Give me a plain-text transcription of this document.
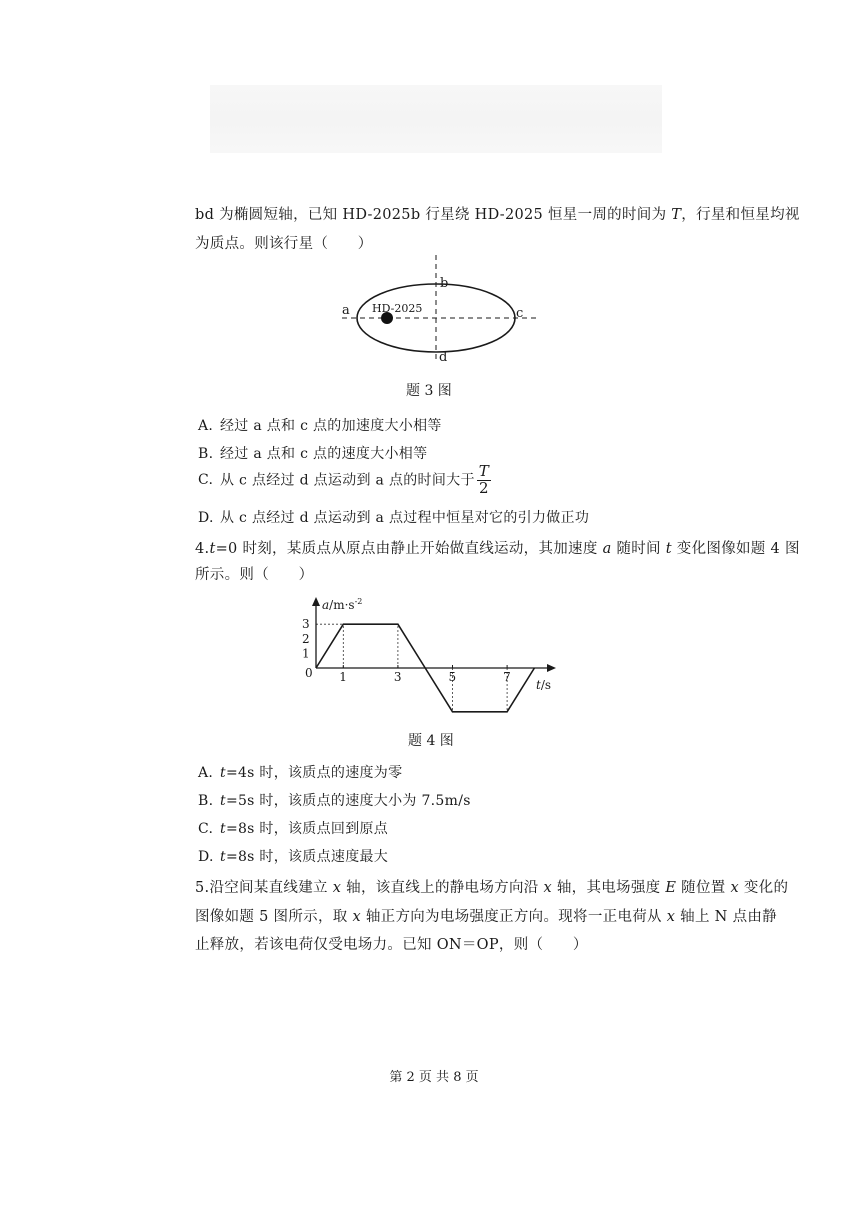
bd 为椭圆短轴，已知 HD-2025b 行星绕 HD-2025 恒星一周的时间为 T，行星和恒星均视
为质点。则该行星（　　）
HD-2025
a
b
c
d
题 3 图
A. 经过 a 点和 c 点的加速度大小相等
B. 经过 a 点和 c 点的速度大小相等
C. 从 c 点经过 d 点运动到 a 点的时间大于 $\frac{T}{2}$
D. 从 c 点经过 d 点运动到 a 点过程中恒星对它的引力做正功
4.t=0 时刻，某质点从原点由静止开始做直线运动，其加速度 a 随时间 t 变化图像如题 4 图
所示。则（　　）
$a/m\cdot s^{-2}$
t/s
0
3
2
1
1	3	5	7
题 4 图
A. t=4s 时，该质点的速度为零
B. t=5s 时，该质点的速度大小为 7.5m/s
C. t=8s 时，该质点回到原点
D. t=8s 时，该质点速度最大
5.沿空间某直线建立 x 轴，该直线上的静电场方向沿 x 轴，其电场强度 E 随位置 x 变化的
图像如题 5 图所示，取 x 轴正方向为电场强度正方向。现将一正电荷从 x 轴上 N 点由静
止释放，若该电荷仅受电场力。已知 ON＝OP，则（　　）
第 2 页 共 8 页
